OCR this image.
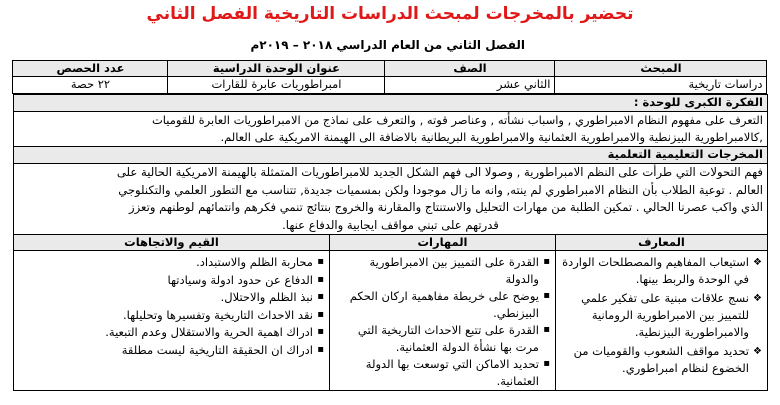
تحضير بالمخرجات لمبحث الدراسات التاريخية الفصل الثاني
الفصل الثاني من العام الدراسي ٢٠١٨ – ٢٠١٩م
المبحث	الصف	عنوان الوحدة الدراسية	عدد الحصص
دراسات تاريخية	الثاني عشر	امبراطوريات عابرة للقارات	٢٢ حصة

الفكرة الكبرى للوحدة :

التعرف على مفهوم النظام الامبراطوري , واسباب نشأته , وعناصر قوته , والتعرف على نماذج من الامبراطوريات العابرة للقوميات

,كالامبراطورية البيزنطية والامبراطورية العثمانية والامبراطورية البريطانية بالاضافة الى الهيمنة الامريكية على العالم.

المخرجات التعليمية التعلمية

فهم التحولات التي طرأت على النظم الامبراطورية , وصولا الى فهم الشكل الجديد للامبراطوريات المتمثلة بالهيمنة الامريكية الحالية على

العالم . توعية الطلاب بأن النظام الامبراطوري لم ينته, وانه ما زال موجودا ولكن بمسميات جديدة, تتناسب مع التطور العلمي والتكنلوجي

الذي واكب عصرنا الحالي . تمكين الطلبة من مهارات التحليل والاستنتاج والمقارنة والخروج بنتائج تنمي فكرهم وانتمائهم لوطنهم وتعزز

قدرتهم على تبني مواقف ايجابية والدفاع عنها.

المعارف	المهارات	القيم والاتجاهات

❖ استيعاب المفاهيم والمصطلحات الواردة في الوحدة والربط بينها.
❖ نسج علاقات مبنية على تفكير علمي للتمييز بين الامبراطورية الرومانية والامبراطورية البيزنطية.
❖ تحديد مواقف الشعوب والقوميات من الخضوع لنظام امبراطوري.

▪ القدرة على التمييز بين الامبراطورية والدولة
▪ يوضح على خريطة مفاهمية اركان الحكم البيزنطي.
▪ القدرة على تتبع الاحداث التاريخية التي مرت بها نشأة الدولة العثمانية.
▪ تحديد الاماكن التي توسعت بها الدولة العثمانية.

▪ محاربة الظلم والاستبداد.
▪ الدفاع عن حدود ادولة وسيادتها
▪ نبذ الظلم والاحتلال.
▪ نقد الاحداث التاريخية وتفسيرها وتحليلها.
▪ ادراك اهمية الحرية والاستقلال وعدم التبعية.
▪ ادراك ان الحقيقة التاريخية ليست مطلقة
